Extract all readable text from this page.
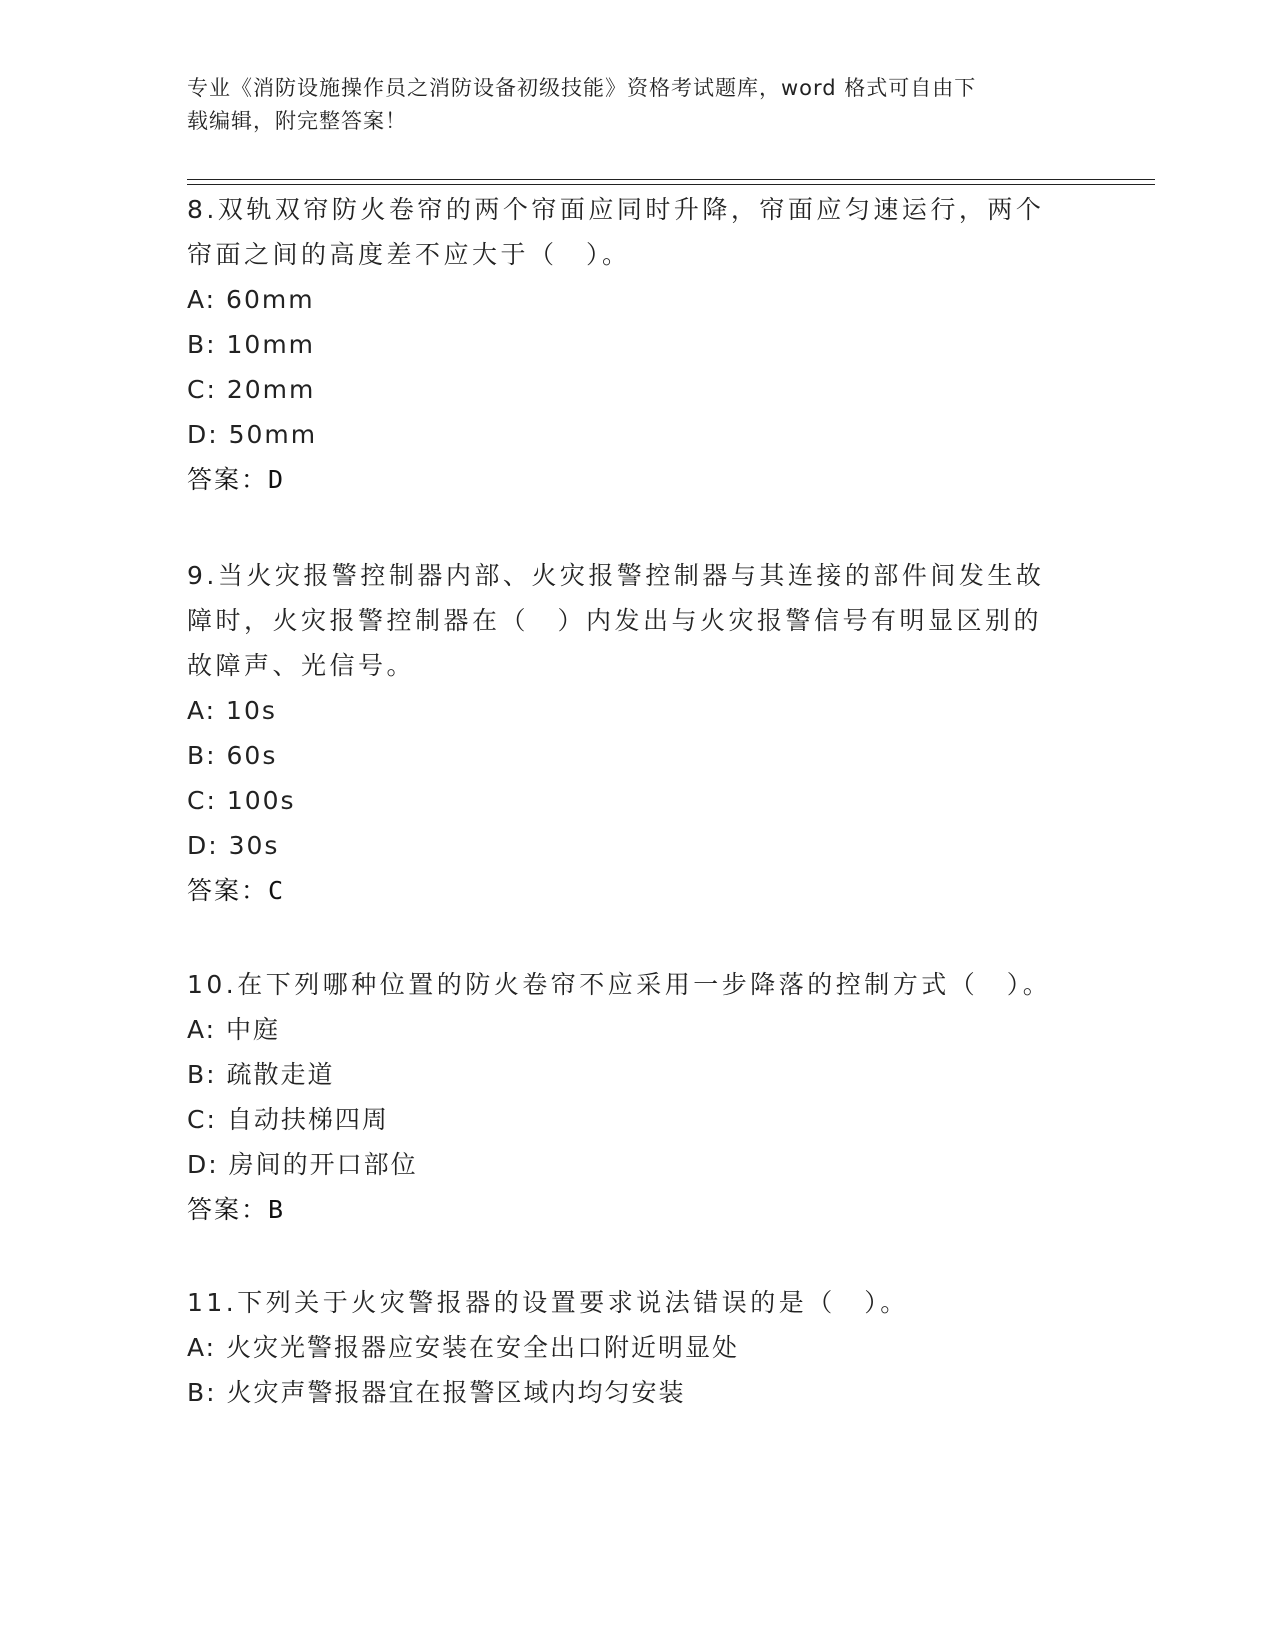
专业《消防设施操作员之消防设备初级技能》资格考试题库，word 格式可自由下
载编辑，附完整答案！

8.双轨双帘防火卷帘的两个帘面应同时升降，帘面应匀速运行，两个帘面之间的高度差不应大于（　）。

A: 60mm

B: 10mm

C: 20mm

D: 50mm

答案：D

9.当火灾报警控制器内部、火灾报警控制器与其连接的部件间发生故障时，火灾报警控制器在（　）内发出与火灾报警信号有明显区别的故障声、光信号。

A: 10s

B: 60s

C: 100s

D: 30s

答案：C

10.在下列哪种位置的防火卷帘不应采用一步降落的控制方式（　）。

A: 中庭

B: 疏散走道

C: 自动扶梯四周

D: 房间的开口部位

答案：B

11.下列关于火灾警报器的设置要求说法错误的是（　）。

A: 火灾光警报器应安装在安全出口附近明显处

B: 火灾声警报器宜在报警区域内均匀安装
